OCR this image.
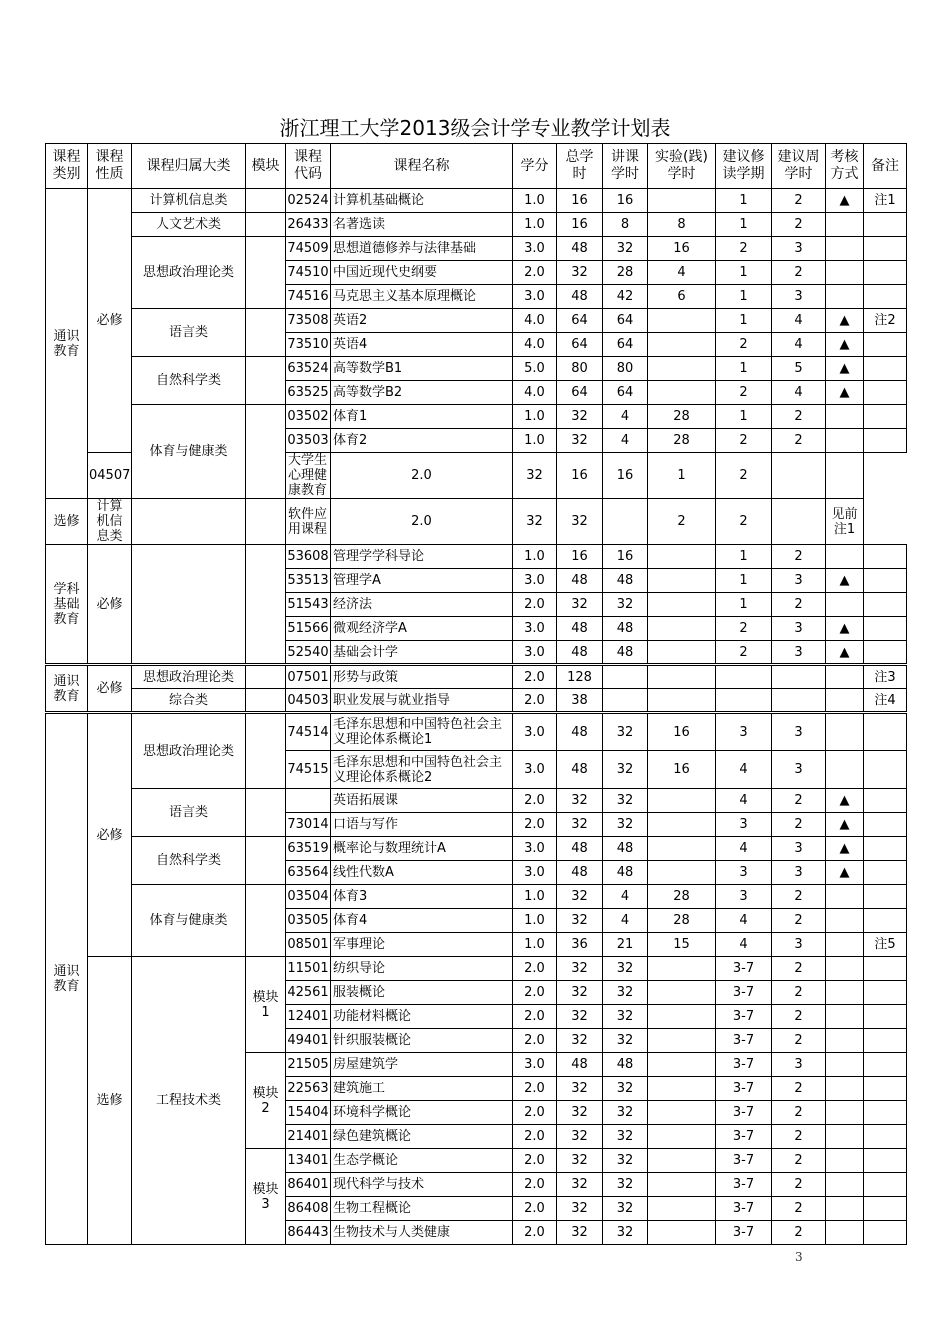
浙江理工大学2013级会计学专业教学计划表
课程类别	课程性质	课程归属大类	模块	课程代码	课程名称	学分	总学时	讲课学时	实验(践)学时	建议修读学期	建议周学时	考核方式	备注
通识教育	必修	计算机信息类		02524	计算机基础概论	1.0	16	16		1	2	▲	注1
		人文艺术类		26433	名著选读	1.0	16	8	8	1	2		
		思想政治理论类		74509	思想道德修养与法律基础	3.0	48	32	16	2	3		
				74510	中国近现代史纲要	2.0	32	28	4	1	2		
				74516	马克思主义基本原理概论	3.0	48	42	6	1	3		
		语言类		73508	英语2	4.0	64	64		1	4	▲	注2
				73510	英语4	4.0	64	64		2	4	▲	
		自然科学类		63524	高等数学B1	5.0	80	80		1	5	▲	
				63525	高等数学B2	4.0	64	64		2	4	▲	
		体育与健康类		03502	体育1	1.0	32	4	28	1	2		
				03503	体育2	1.0	32	4	28	2	2		
	04507			大学生心理健康教育	2.0	32	16	16	1	2			
选修	计算机信息类			软件应用课程	2.0	32	32		2	2		见前注1	
学科基础教育	必修			53608	管理学学科导论	1.0	16	16		1	2		
				53513	管理学A	3.0	48	48		1	3	▲	
				51543	经济法	2.0	32	32		1	2		
				51566	微观经济学A	3.0	48	48		2	3	▲	
				52540	基础会计学	3.0	48	48		2	3	▲	
通识教育	必修	思想政治理论类		07501	形势与政策	2.0	128						注3
		综合类		04503	职业发展与就业指导	2.0	38						注4
通识教育	必修	思想政治理论类		74514	毛泽东思想和中国特色社会主义理论体系概论1	3.0	48	32	16	3	3		
				74515	毛泽东思想和中国特色社会主义理论体系概论2	3.0	48	32	16	4	3		
		语言类			英语拓展课	2.0	32	32		4	2	▲	
				73014	口语与写作	2.0	32	32		3	2	▲	
		自然科学类		63519	概率论与数理统计A	3.0	48	48		4	3	▲	
				63564	线性代数A	3.0	48	48		3	3	▲	
		体育与健康类		03504	体育3	1.0	32	4	28	3	2		
				03505	体育4	1.0	32	4	28	4	2		
				08501	军事理论	1.0	36	21	15	4	3		注5
	选修	工程技术类	模块1	11501	纺织导论	2.0	32	32		3-7	2		
				42561	服装概论	2.0	32	32		3-7	2		
				12401	功能材料概论	2.0	32	32		3-7	2		
				49401	针织服装概论	2.0	32	32		3-7	2		
			模块2	21505	房屋建筑学	3.0	48	48		3-7	3		
				22563	建筑施工	2.0	32	32		3-7	2		
				15404	环境科学概论	2.0	32	32		3-7	2		
				21401	绿色建筑概论	2.0	32	32		3-7	2		
			模块3	13401	生态学概论	2.0	32	32		3-7	2		
				86401	现代科学与技术	2.0	32	32		3-7	2		
				86408	生物工程概论	2.0	32	32		3-7	2		
				86443	生物技术与人类健康	2.0	32	32		3-7	2		
3
